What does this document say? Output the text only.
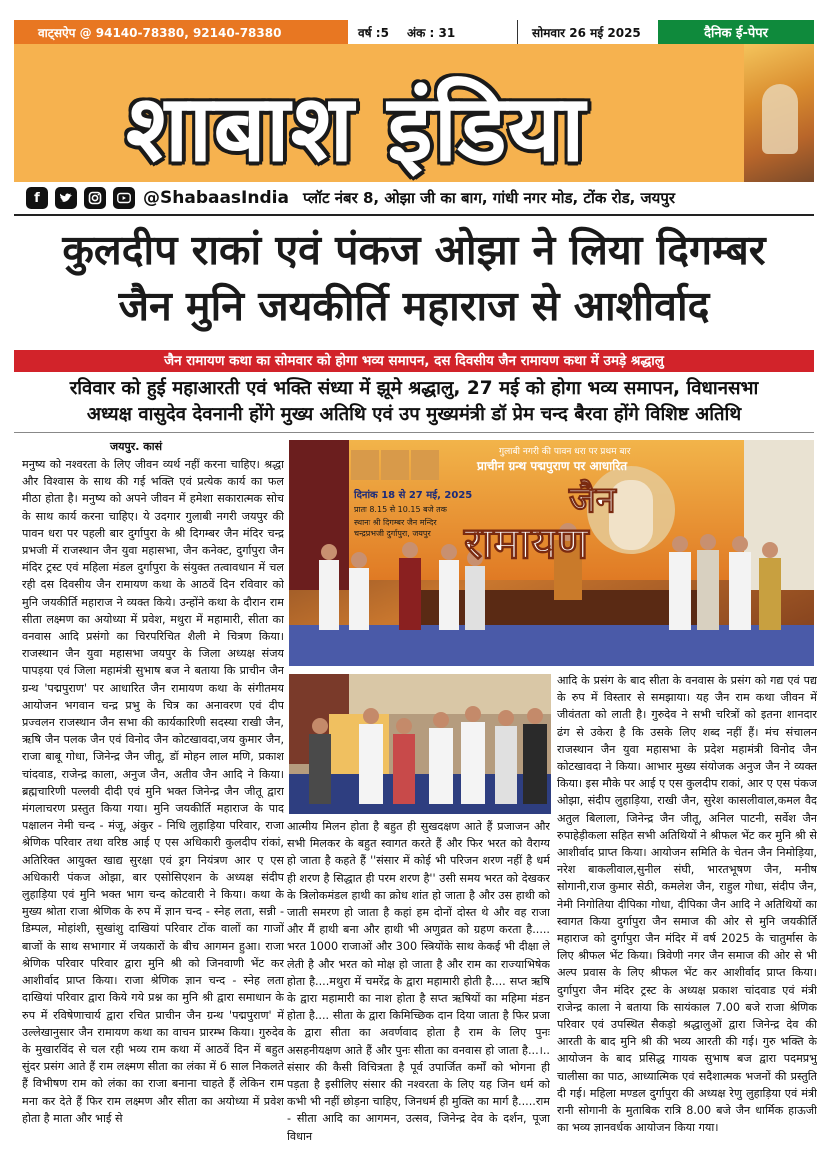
वाट्सऐप @ 94140-78380, 92140-78380	वर्ष :5 अंक : 31	सोमवार 26 मई 2025	दैनिक ई-पेपर
शाबाश इंडिया
f	@ShabaasIndia प्लॉट नंबर 8, ओझा जी का बाग, गांधी नगर मोड, टोंक रोड, जयपुर
कुलदीप राकां एवं पंकज ओझा ने लिया दिगम्बर
जैन मुनि जयकीर्ति महाराज से आशीर्वाद
जैन रामायण कथा का सोमवार को होगा भव्य समापन, दस दिवसीय जैन रामायण कथा में उमड़े श्रद्धालु
रविवार को हुई महाआरती एवं भक्ति संध्या में झूमे श्रद्धालु, 27 मई को होगा भव्य समापन, विधानसभा
अध्यक्ष वासुदेव देवनानी होंगे मुख्य अतिथि एवं उप मुख्यमंत्री डॉ प्रेम चन्द बैरवा होंगे विशिष्ट अतिथि
जयपुर. कासं
मनुष्य को नश्वरता के लिए जीवन व्यर्थ नहीं करना चाहिए। श्रद्धा और विश्वास के साथ की गई भक्ति एवं प्रत्येक कार्य का फल मीठा होता है। मनुष्य को अपने जीवन में हमेशा सकारात्मक सोच के साथ कार्य करना चाहिए। ये उदगार गुलाबी नगरी जयपुर की पावन धरा पर पहली बार दुर्गापुरा के श्री दिगम्बर जैन मंदिर चन्द्र प्रभजी में राजस्थान जैन युवा महासभा, जैन कनेक्ट, दुर्गापुरा जैन मंदिर ट्रस्ट एवं महिला मंडल दुर्गापुरा के संयुक्त तत्वावधान में चल रही दस दिवसीय जैन रामायण कथा के आठवें दिन रविवार को मुनि जयकीर्ति महाराज ने व्यक्त किये। उन्होंने कथा के दौरान राम सीता लक्ष्मण का अयोध्या में प्रवेश, मथुरा में महामारी, सीता का वनवास आदि प्रसंगो का चिरपरिचित शैली मे चित्रण किया। राजस्थान जैन युवा महासभा जयपुर के जिला अध्यक्ष संजय पापड़या एवं जिला महामंत्री सुभाष बज ने बताया कि प्राचीन जैन ग्रन्थ 'पद्मपुराण' पर आधारित जैन रामायण कथा के संगीतमय आयोजन भगवान चन्द्र प्रभु के चित्र का अनावरण एवं दीप प्रज्वलन राजस्थान जैन सभा की कार्यकारिणी सदस्या राखी जैन, ऋषि जैन पलक जैन एवं विनोद जैन कोटखावदा,जय कुमार जैन, राजा बाबू गोधा, जिनेन्द्र जैन जीतू, डॉ मोहन लाल मणि, प्रकाश चांदवाड, राजेन्द्र काला, अनुज जैन, अतीव जैन आदि ने किया। ब्रह्मचारिणी पल्लवी दीदी एवं मुनि भक्त जिनेन्द्र जैन जीतू द्वारा मंगलाचरण प्रस्तुत किया गया। मुनि जयकीर्ति महाराज के पाद पक्षालन नेमी चन्द - मंजू, अंकुर - निधि लुहाड़िया परिवार, राजा श्रेणिक परिवार तथा वरिष्ठ आई ए एस अधिकारी कुलदीप रांकां, अतिरिक्त आयुक्त खाद्य सुरक्षा एवं ड्रग नियंत्रण आर ए एस अधिकारी पंकज ओझा, बार एसोसिएशन के अध्यक्ष संदीप लुहाड़िया एवं मुनि भक्त भाग चन्द कोटवारी ने किया। कथा के मुख्य श्रोता राजा श्रेणिक के रुप में ज्ञान चन्द - स्नेह लता, सन्नी - डिम्पल, मोहांशी, सुखांशु दाखियां परिवार टोंक वालों का गाजों बाजों के साथ सभागार में जयकारों के बीच आगमन हुआ। राजा श्रेणिक परिवार परिवार द्वारा मुनि श्री को जिनवाणी भेंट कर आशीर्वाद प्राप्त किया। राजा श्रेणिक ज्ञान चन्द - स्नेह लता दाखियां परिवार द्वारा किये गये प्रश्न का मुनि श्री द्वारा समाधान के रुप में रविषेणाचार्य द्वारा रचित प्राचीन जैन ग्रन्थ 'पद्मपुराण' में उल्लेखानुसार जैन रामायण कथा का वाचन प्रारम्भ किया। गुरुदेव के मुखारविंद से चल रही भव्य राम कथा में आठवें दिन में बहुत सुंदर प्रसंग आते हैं राम लक्ष्मण सीता का लंका में 6 साल निकलते हैं विभीषण राम को लंका का राजा बनाना चाहते हैं लेकिन राम मना कर देते हैं फिर राम लक्ष्मण और सीता का अयोध्या में प्रवेश होता है माता और भाई से
आत्मीय मिलन होता है बहुत ही सुखदक्षण आते हैं प्रजाजन और सभी मिलकर के बहुत स्वागत करते हैं और फिर भरत को वैराग्य हो जाता है कहते हैं ''संसार में कोई भी परिजन शरण नहीं है धर्म ही शरण है सिद्धात ही परम शरण है'' उसी समय भरत को देखकर के त्रिलोकमंडल हाथी का क्रोध शांत हो जाता है और उस हाथी को जाती समरण हो जाता है कहां हम दोनों दोस्त थे और वह राजा और मैं हाथी बना और हाथी भी अणुव्रत को ग्रहण करता है..... भरत 1000 राजाओं और 300 स्त्रियोंके साथ केकई भी दीक्षा ले लेती है और भरत को मोक्ष हो जाता है और राम का राज्याभिषेक होता है....मथुरा में चमरेंद्र के द्वारा महामारी होती है.... सप्त ऋषि के द्वारा महामारी का नाश होता है सप्त ऋषियों का महिमा मंडन होता है.... सीता के द्वारा किमिच्छिक दान दिया जाता है फिर प्रजा के द्वारा सीता का अवर्णवाद होता है राम के लिए पुनः असहनीयक्षण आते हैं और पुनः सीता का वनवास हो जाता है...।.. संसार की कैसी विचित्रता है पूर्व उपार्जित कर्मों को भोगना ही पड़ता है इसीलिए संसार की नश्वरता के लिए यह जिन धर्म को कभी भी नहीं छोड़ना चाहिए, जिनधर्म ही मुक्ति का मार्ग है.....राम - सीता आदि का आगमन, उत्सव, जिनेन्द्र देव के दर्शन, पूजा विधान
आदि के प्रसंग के बाद सीता के वनवास के प्रसंग को गद्य एवं पद्य के रुप में विस्तार से समझाया। यह जैन राम कथा जीवन में जीवंतता को लाती है। गुरुदेव ने सभी चरित्रों को इतना शानदार ढंग से उकेरा है कि उसके लिए शब्द नहीं हैं। मंच संचालन राजस्थान जैन युवा महासभा के प्रदेश महामंत्री विनोद जैन कोटखावदा ने किया। आभार मुख्य संयोजक अनुज जैन ने व्यक्त किया। इस मौके पर आई ए एस कुलदीप राकां, आर ए एस पंकज ओझा, संदीप लुहाड़िया, राखी जैन, सुरेश कासलीवाल,कमल वैद अतुल बिलाला, जिनेन्द्र जैन जीतू, अनिल पाटनी, सर्वेश जैन रुपाहेड़ीकला सहित सभी अतिथियों ने श्रीफल भेंट कर मुनि श्री से आशीर्वाद प्राप्त किया। आयोजन समिति के चेतन जैन निमोड़िया, नरेश बाकलीवाल,सुनील संघी, भारतभूषण जैन, मनीष सोगानी,राज कुमार सेठी, कमलेश जैन, राहुल गोधा, संदीप जैन, नेमी निगोतिया दीपिका गोधा, दीपिका जैन आदि ने अतिथियों का स्वागत किया दुर्गापुरा जैन समाज की ओर से मुनि जयकीर्ति महाराज को दुर्गापुरा जैन मंदिर में वर्ष 2025 के चातुर्मास के लिए श्रीफल भेंट किया। त्रिवेणी नगर जैन समाज की ओर से भी अल्प प्रवास के लिए श्रीफल भेंट कर आशीर्वाद प्राप्त किया। दुर्गापुरा जैन मंदिर ट्रस्ट के अध्यक्ष प्रकाश चांदवाड एवं मंत्री राजेन्द्र काला ने बताया कि सायंकाल 7.00 बजे राजा श्रेणिक परिवार एवं उपस्थित सैकड़ो श्रद्धालुओं द्वारा जिनेन्द्र देव की आरती के बाद मुनि श्री की भव्य आरती की गई। गुरु भक्ति के आयोजन के बाद प्रसिद्ध गायक सुभाष बज द्वारा पदमप्रभु चालीसा का पाठ, आध्यात्मिक एवं सदैशात्मक भजनों की प्रस्तुति दी गई। महिला मण्डल दुर्गापुरा की अध्यक्ष रेणु लुहाड़िया एवं मंत्री रानी सोगानी के मुताबिक रात्रि 8.00 बजे जैन धार्मिक हाऊजी का भव्य ज्ञानवर्धक आयोजन किया गया।
गुलाबी नगरी की पावन धरा पर प्रथम बार
प्राचीन ग्रन्थ पद्मपुराण पर आधारित
जैन
रामायण
दिनांक 18 से 27 मई, 2025
प्रातः 8.15 से 10.15 बजे तक
स्थानः श्री दिगम्बर जैन मन्दिर
चन्द्रप्रभजी दुर्गापुरा, जयपुर
